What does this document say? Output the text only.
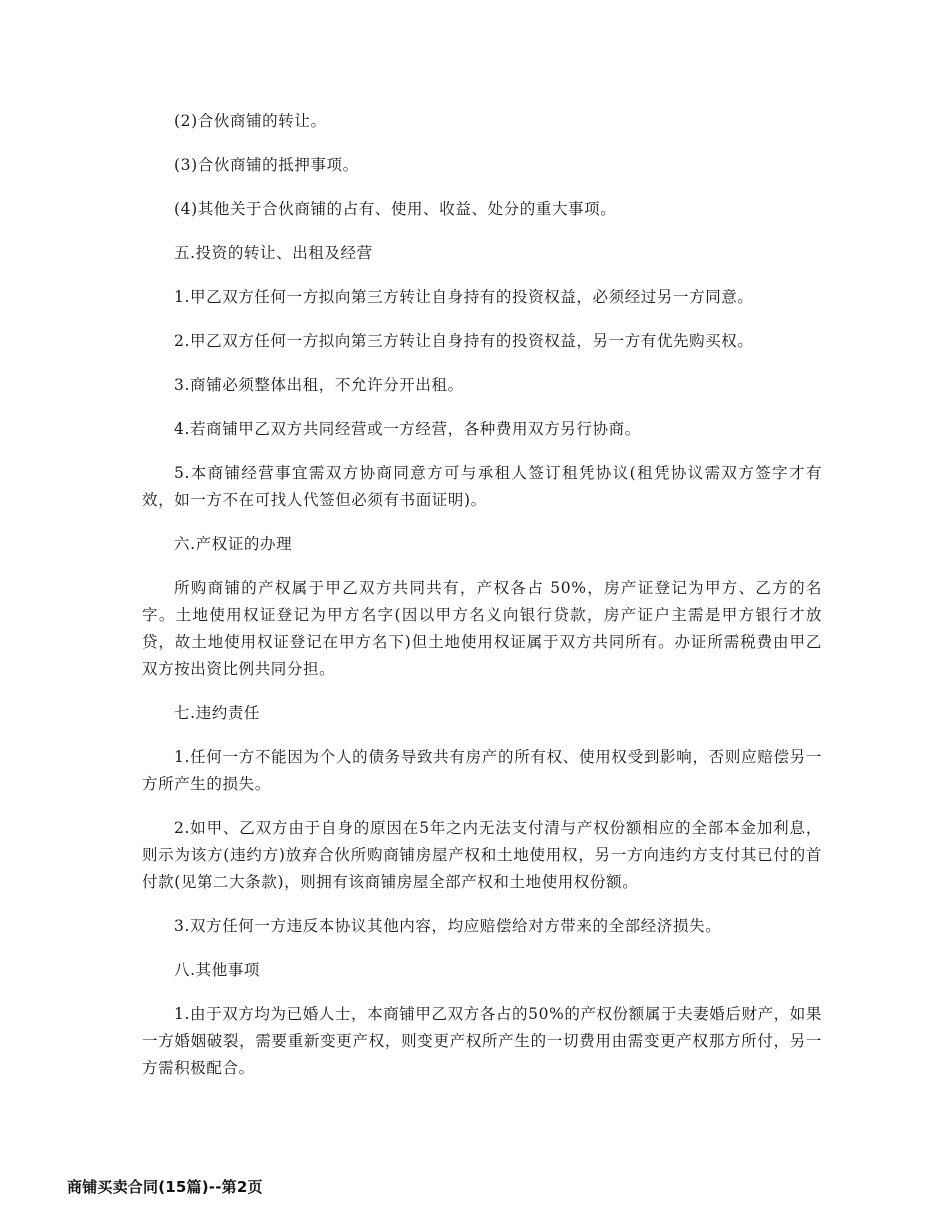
(2)合伙商铺的转让。

(3)合伙商铺的抵押事项。

(4)其他关于合伙商铺的占有、使用、收益、处分的重大事项。

五.投资的转让、出租及经营

1.甲乙双方任何一方拟向第三方转让自身持有的投资权益，必须经过另一方同意。

2.甲乙双方任何一方拟向第三方转让自身持有的投资权益，另一方有优先购买权。

3.商铺必须整体出租，不允许分开出租。

4.若商铺甲乙双方共同经营或一方经营，各种费用双方另行协商。

5.本商铺经营事宜需双方协商同意方可与承租人签订租凭协议(租凭协议需双方签字才有效，如一方不在可找人代签但必须有书面证明)。

六.产权证的办理

所购商铺的产权属于甲乙双方共同共有，产权各占 50%，房产证登记为甲方、乙方的名字。土地使用权证登记为甲方名字(因以甲方名义向银行贷款，房产证户主需是甲方银行才放贷，故土地使用权证登记在甲方名下)但土地使用权证属于双方共同所有。办证所需税费由甲乙双方按出资比例共同分担。

七.违约责任

1.任何一方不能因为个人的债务导致共有房产的所有权、使用权受到影响，否则应赔偿另一方所产生的损失。

2.如甲、乙双方由于自身的原因在5年之内无法支付清与产权份额相应的全部本金加利息，则示为该方(违约方)放弃合伙所购商铺房屋产权和土地使用权，另一方向违约方支付其已付的首付款(见第二大条款)，则拥有该商铺房屋全部产权和土地使用权份额。

3.双方任何一方违反本协议其他内容，均应赔偿给对方带来的全部经济损失。

八.其他事项

1.由于双方均为已婚人士，本商铺甲乙双方各占的50%的产权份额属于夫妻婚后财产，如果一方婚姻破裂，需要重新变更产权，则变更产权所产生的一切费用由需变更产权那方所付，另一方需积极配合。

商铺买卖合同(15篇)--第2页
